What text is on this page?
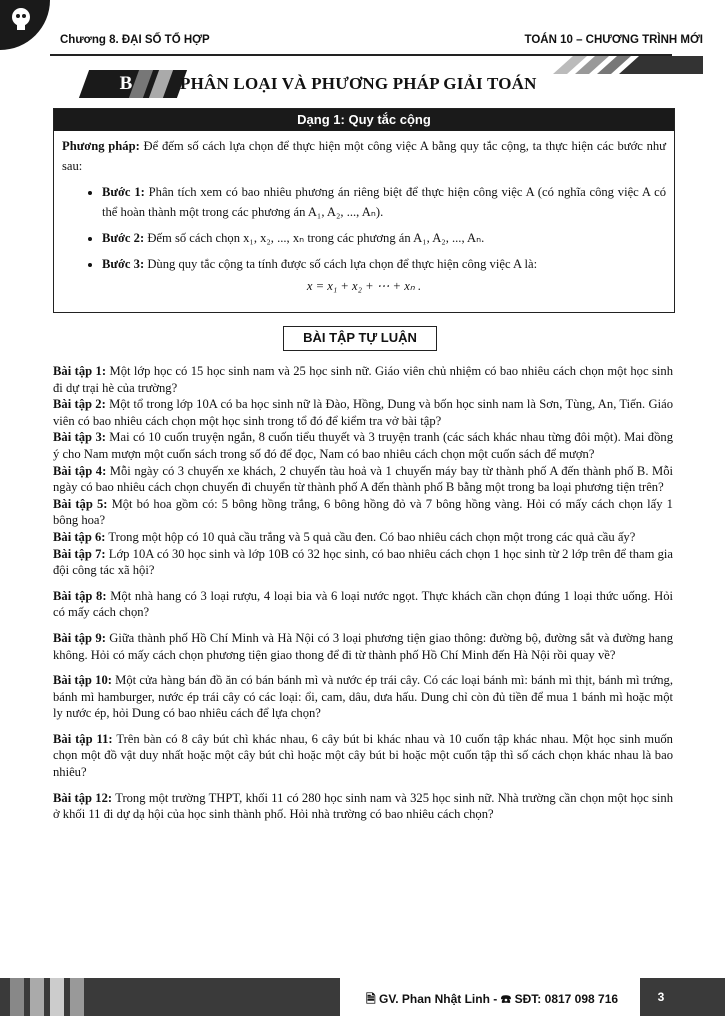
Chương 8. ĐẠI SỐ TỔ HỢP	TOÁN 10 – CHƯƠNG TRÌNH MỚI
B	PHÂN LOẠI VÀ PHƯƠNG PHÁP GIẢI TOÁN
Dạng 1: Quy tắc cộng

Phương pháp: Để đếm số cách lựa chọn để thực hiện một công việc A bằng quy tắc cộng, ta thực hiện các bước như sau:

• Bước 1: Phân tích xem có bao nhiêu phương án riêng biệt để thực hiện công việc A (có nghĩa công việc A có thể hoàn thành một trong các phương án A₁, A₂, ..., Aₙ).
• Bước 2: Đếm số cách chọn x₁, x₂, ..., xₙ trong các phương án A₁, A₂, ..., Aₙ.
• Bước 3: Dùng quy tắc cộng ta tính được số cách lựa chọn để thực hiện công việc A là:
x = x₁ + x₂ + ⋯ + xₙ .
BÀI TẬP TỰ LUẬN

Bài tập 1: Một lớp học có 15 học sinh nam và 25 học sinh nữ. Giáo viên chủ nhiệm có bao nhiêu cách chọn một học sinh đi dự trại hè của trường?

Bài tập 2: Một tổ trong lớp 10A có ba học sinh nữ là Đào, Hồng, Dung và bốn học sinh nam là Sơn, Tùng, An, Tiến. Giáo viên có bao nhiêu cách chọn một học sinh trong tổ đó để kiểm tra vở bài tập?

Bài tập 3: Mai có 10 cuốn truyện ngắn, 8 cuốn tiểu thuyết và 3 truyện tranh (các sách khác nhau từng đôi một). Mai đồng ý cho Nam mượn một cuốn sách trong số đó để đọc, Nam có bao nhiêu cách chọn một cuốn sách để mượn?

Bài tập 4: Mỗi ngày có 3 chuyến xe khách, 2 chuyến tàu hoả và 1 chuyến máy bay từ thành phố A đến thành phố B. Mỗi ngày có bao nhiêu cách chọn chuyến đi chuyển từ thành phố A đến thành phố B bằng một trong ba loại phương tiện trên?

Bài tập 5: Một bó hoa gồm có: 5 bông hồng trắng, 6 bông hồng đỏ và 7 bông hồng vàng. Hỏi có mấy cách chọn lấy 1 bông hoa?

Bài tập 6: Trong một hộp có 10 quả cầu trắng và 5 quả cầu đen. Có bao nhiêu cách chọn một trong các quả cầu ấy?

Bài tập 7: Lớp 10A có 30 học sinh và lớp 10B có 32 học sinh, có bao nhiêu cách chọn 1 học sinh từ 2 lớp trên để tham gia đội công tác xã hội?

Bài tập 8: Một nhà hang có 3 loại rượu, 4 loại bia và 6 loại nước ngọt. Thực khách cần chọn đúng 1 loại thức uống. Hỏi có mấy cách chọn?

Bài tập 9: Giữa thành phố Hồ Chí Minh và Hà Nội có 3 loại phương tiện giao thông: đường bộ, đường sắt và đường hang không. Hỏi có mấy cách chọn phương tiện giao thong để đi từ thành phố Hồ Chí Minh đến Hà Nội rồi quay về?

Bài tập 10: Một cửa hàng bán đồ ăn có bán bánh mì và nước ép trái cây. Có các loại bánh mì: bánh mì thịt, bánh mì trứng, bánh mì hamburger, nước ép trái cây có các loại: ổi, cam, dâu, dưa hấu. Dung chỉ còn đủ tiền để mua 1 bánh mì hoặc một ly nước ép, hỏi Dung có bao nhiêu cách để lựa chọn?

Bài tập 11: Trên bàn có 8 cây bút chì khác nhau, 6 cây bút bi khác nhau và 10 cuốn tập khác nhau. Một học sinh muốn chọn một đồ vật duy nhất hoặc một cây bút chì hoặc một cây bút bi hoặc một cuốn tập thì số cách chọn khác nhau là bao nhiêu?

Bài tập 12: Trong một trường THPT, khối 11 có 280 học sinh nam và 325 học sinh nữ. Nhà trường cần chọn một học sinh ở khối 11 đi dự dạ hội của học sinh thành phố. Hỏi nhà trường có bao nhiêu cách chọn?

🗎 GV. Phan Nhật Linh - ☎ SĐT: 0817 098 716	3
